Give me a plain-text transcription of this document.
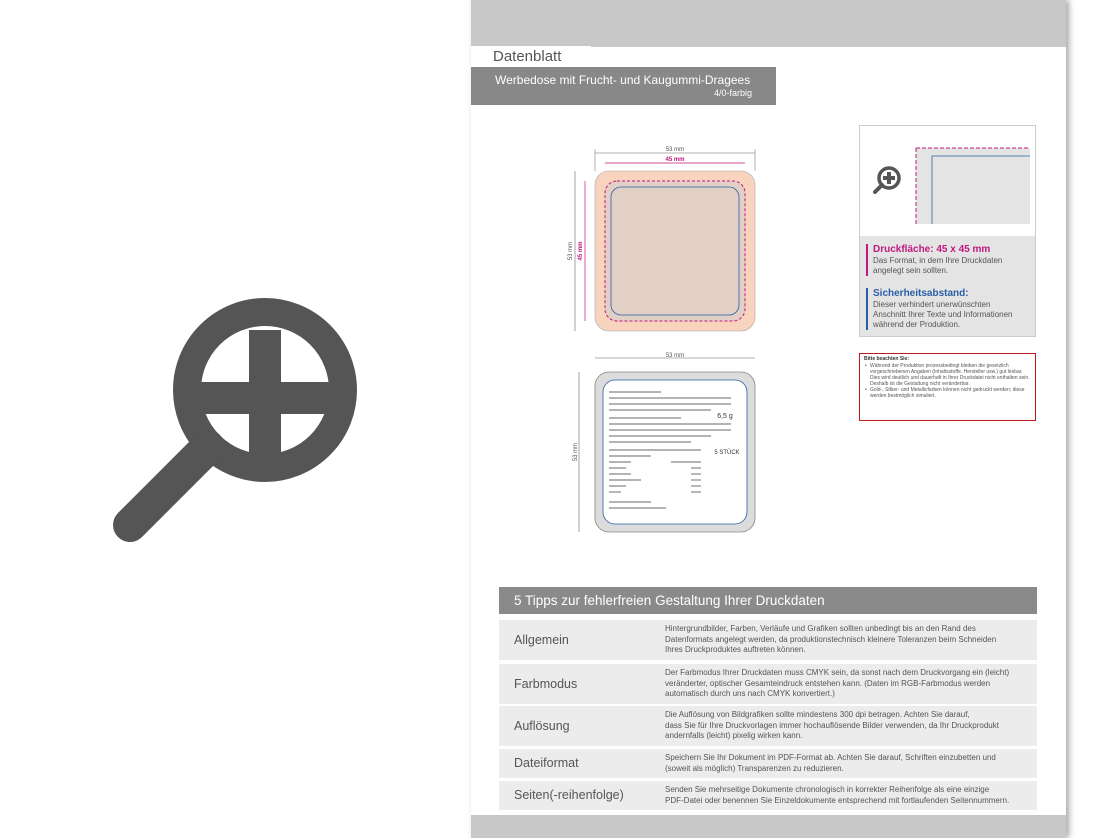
Datenblatt
Werbedose mit Frucht- und Kaugummi-Dragees
4/0-farbig
53 mm
45 mm
53 mm 45 mm
53 mm
53 mm
6,5 g
5 STÜCK
Druckfläche: 45 x 45 mm
Das Format, in dem Ihre Druckdaten
angelegt sein sollten.
Sicherheitsabstand:
Dieser verhindert unerwünschten
Anschnitt Ihrer Texte und Informationen
während der Produktion.
Bitte beachten Sie:
• Während der Produktion prozessbedingt bleiben die gesetzlich vorgeschriebenen Angaben (Inhaltsstoffe, Hersteller usw.) gut lesbar. Dies wird deutlich und dauerhaft in Ihrer Druckdatei nicht enthalten sein. Deshalb ist die Gestaltung nicht veränderbar.
• Gold-, Silber- und Metallicfarben können nicht gedruckt werden; diese werden bestmöglich simuliert.
5 Tipps zur fehlerfreien Gestaltung Ihrer Druckdaten
Allgemein
Hintergrundbilder, Farben, Verläufe und Grafiken sollten unbedingt bis an den Rand des
Datenformats angelegt werden, da produktionstechnisch kleinere Toleranzen beim Schneiden
Ihres Druckproduktes auftreten können.
Farbmodus
Der Farbmodus Ihrer Druckdaten muss CMYK sein, da sonst nach dem Druckvorgang ein (leicht)
veränderter, optischer Gesamteindruck entstehen kann. (Daten im RGB-Farbmodus werden
automatisch durch uns nach CMYK konvertiert.)
Auflösung
Die Auflösung von Bildgrafiken sollte mindestens 300 dpi betragen. Achten Sie darauf,
dass Sie für Ihre Druckvorlagen immer hochauflösende Bilder verwenden, da Ihr Druckprodukt
andernfalls (leicht) pixelig wirken kann.
Dateiformat	Speichern Sie Ihr Dokument im PDF-Format ab. Achten Sie darauf, Schriften einzubetten und
(soweit als möglich) Transparenzen zu reduzieren.
Seiten(-reihenfolge)	Senden Sie mehrseitige Dokumente chronologisch in korrekter Reihenfolge als eine einzige
PDF-Datei oder benennen Sie Einzeldokumente entsprechend mit fortlaufenden Seitennummern.
